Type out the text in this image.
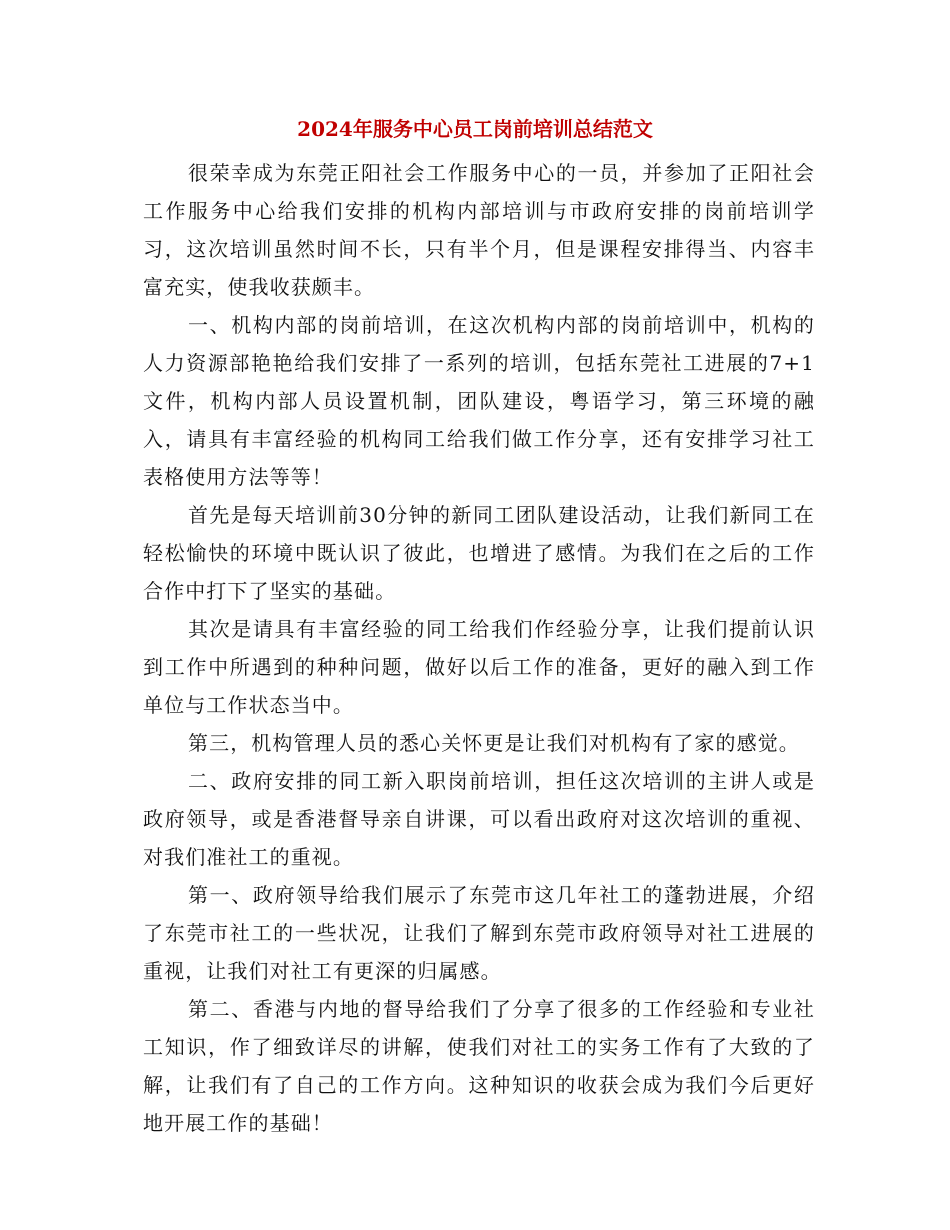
2024年服务中心员工岗前培训总结范文

很荣幸成为东莞正阳社会工作服务中心的一员，并参加了正阳社会工作服务中心给我们安排的机构内部培训与市政府安排的岗前培训学习，这次培训虽然时间不长，只有半个月，但是课程安排得当、内容丰富充实，使我收获颇丰。

一、机构内部的岗前培训，在这次机构内部的岗前培训中，机构的人力资源部艳艳给我们安排了一系列的培训，包括东莞社工进展的7+1文件，机构内部人员设置机制，团队建设，粤语学习，第三环境的融入，请具有丰富经验的机构同工给我们做工作分享，还有安排学习社工表格使用方法等等！

首先是每天培训前30分钟的新同工团队建设活动，让我们新同工在轻松愉快的环境中既认识了彼此，也增进了感情。为我们在之后的工作合作中打下了坚实的基础。

其次是请具有丰富经验的同工给我们作经验分享，让我们提前认识到工作中所遇到的种种问题，做好以后工作的准备，更好的融入到工作单位与工作状态当中。

第三，机构管理人员的悉心关怀更是让我们对机构有了家的感觉。

二、政府安排的同工新入职岗前培训，担任这次培训的主讲人或是政府领导，或是香港督导亲自讲课，可以看出政府对这次培训的重视、对我们准社工的重视。

第一、政府领导给我们展示了东莞市这几年社工的蓬勃进展，介绍了东莞市社工的一些状况，让我们了解到东莞市政府领导对社工进展的重视，让我们对社工有更深的归属感。

第二、香港与内地的督导给我们了分享了很多的工作经验和专业社工知识，作了细致详尽的讲解，使我们对社工的实务工作有了大致的了解，让我们有了自己的工作方向。这种知识的收获会成为我们今后更好地开展工作的基础！
